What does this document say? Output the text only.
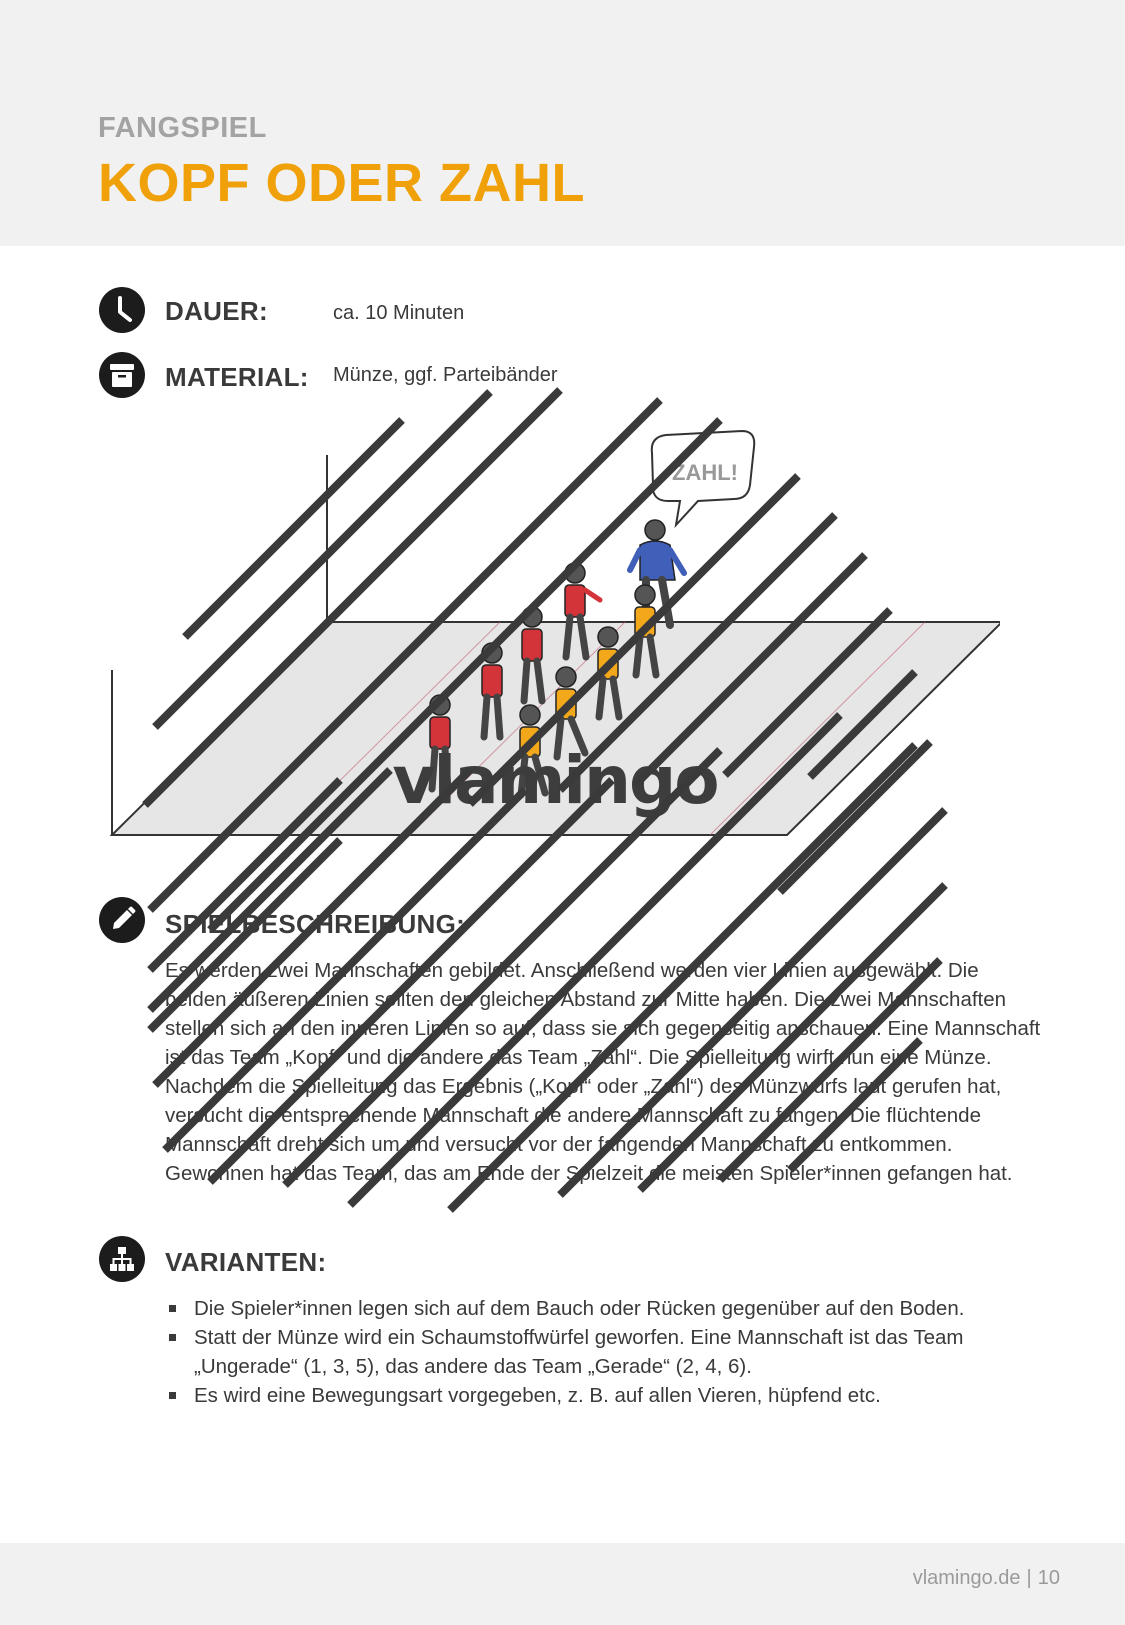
FANGSPIEL
KOPF ODER ZAHL
DAUER:	ca. 10 Minuten
MATERIAL: Münze, ggf. Parteibänder
ZAHL!
vlamingo
SPIELBESCHREIBUNG:

Es werden zwei Mannschaften gebildet. Anschließend werden vier Linien ausgewählt. Die beiden äußeren Linien sollten den gleichen Abstand zur Mitte haben. Die zwei Mannschaften stellen sich an den inneren Linien so auf, dass sie sich gegenseitig anschauen. Eine Mannschaft ist das Team „Kopf“ und die andere das Team „Zahl“. Die Spielleitung wirft nun eine Münze. Nachdem die Spielleitung das Ergebnis („Kopf“ oder „Zahl“) des Münzwurfs laut gerufen hat, versucht die entsprechende Mannschaft die andere Mannschaft zu fangen. Die flüchtende Mannschaft dreht sich um und versucht vor der fangenden Mannschaft zu entkommen. Gewonnen hat das Team, das am Ende der Spielzeit die meisten Spieler*innen gefangen hat.

VARIANTEN:
Die Spieler*innen legen sich auf dem Bauch oder Rücken gegenüber auf den Boden.
Statt der Münze wird ein Schaumstoffwürfel geworfen. Eine Mannschaft ist das Team „Ungerade“ (1, 3, 5), das andere das Team „Gerade“ (2, 4, 6).
Es wird eine Bewegungsart vorgegeben, z. B. auf allen Vieren, hüpfend etc.
vlamingo.de | 10
